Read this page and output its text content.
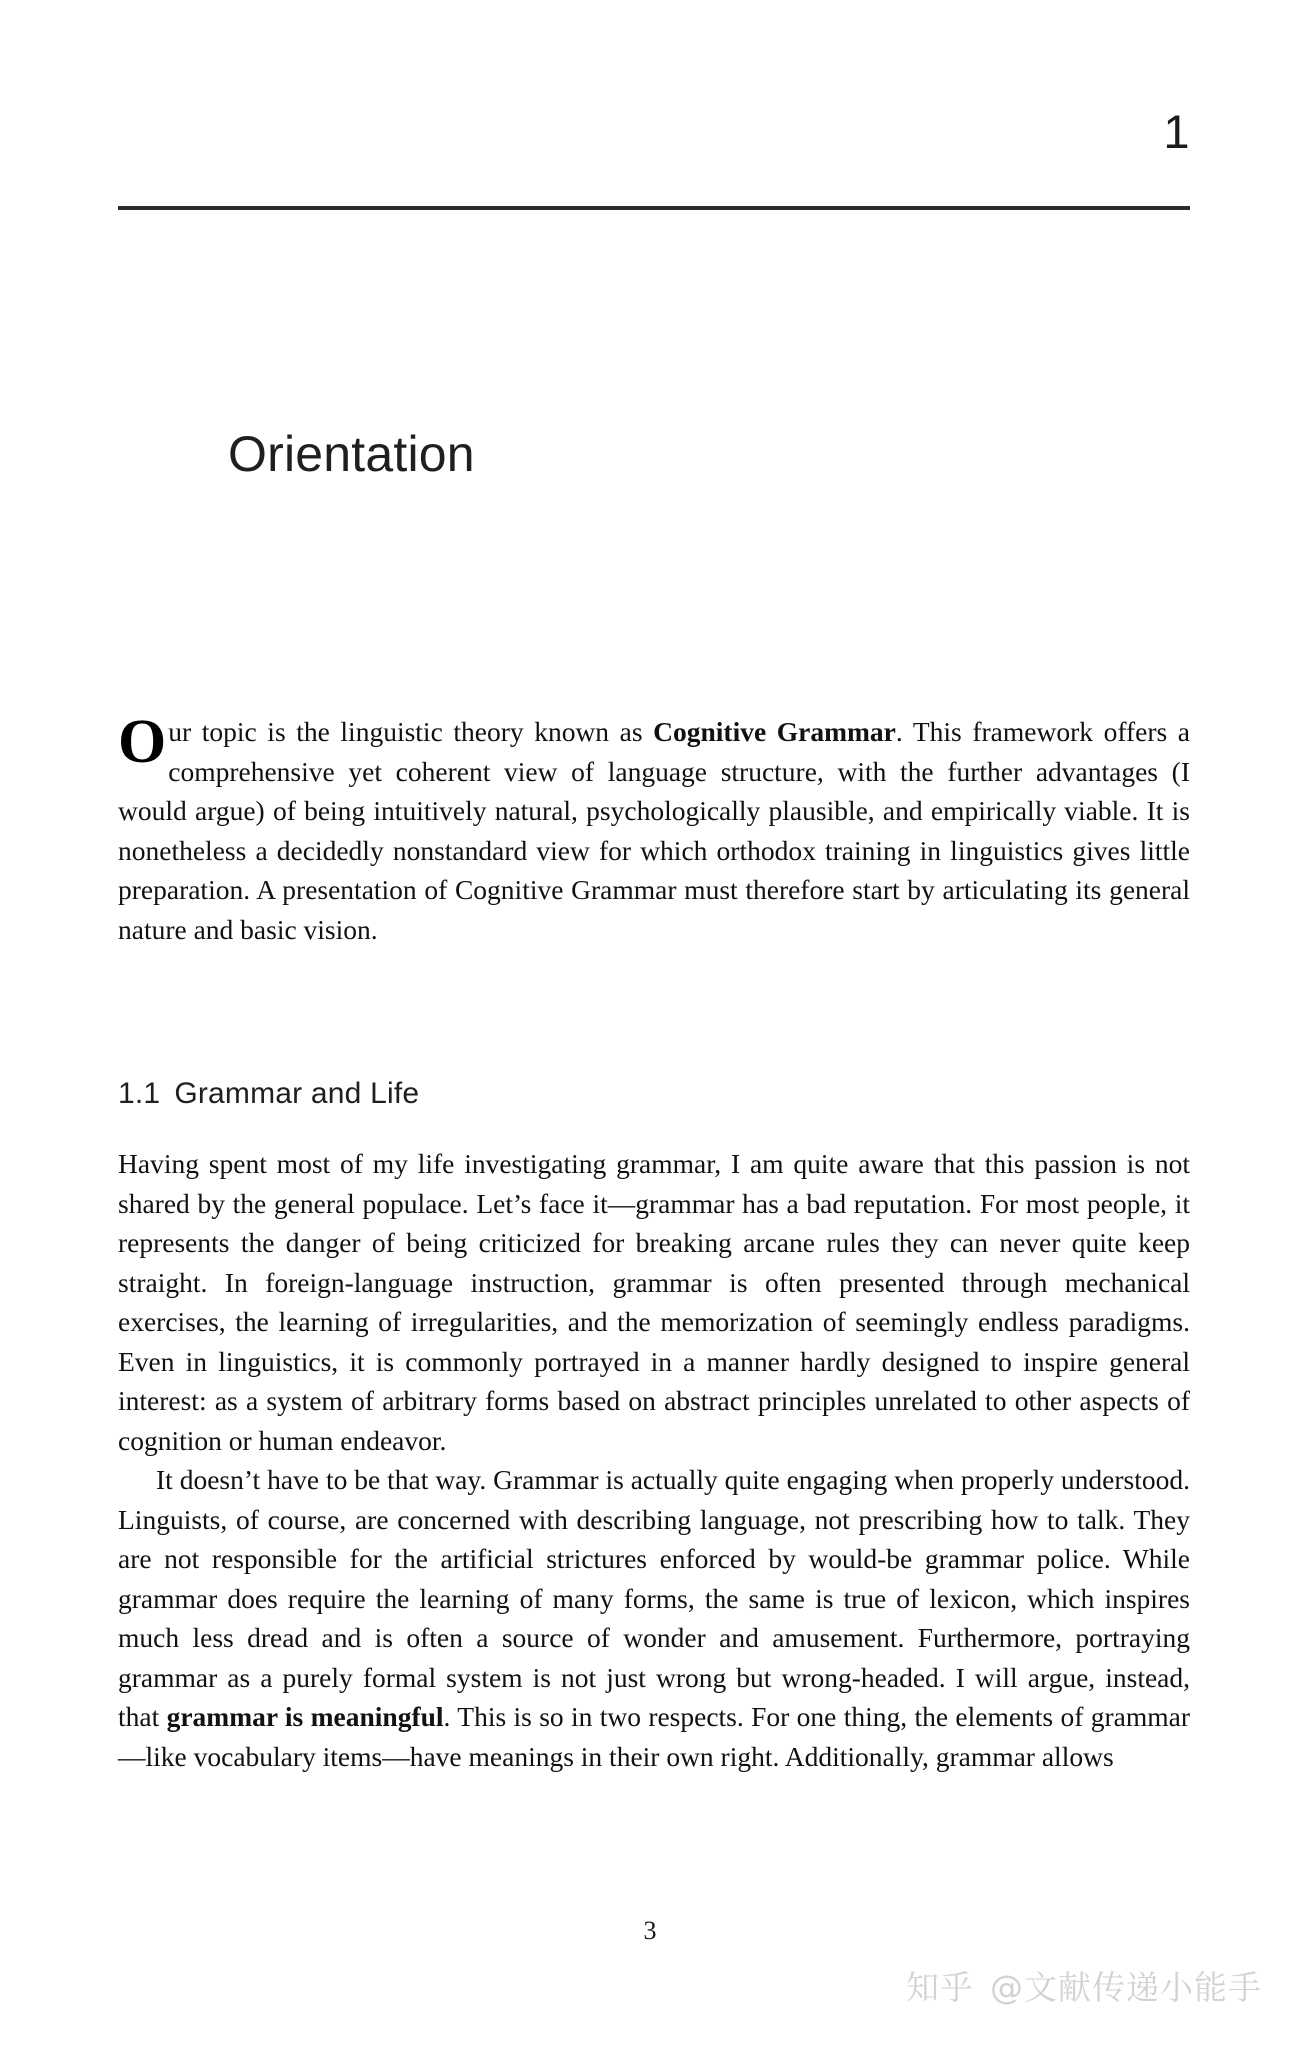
1
Orientation
Our topic is the linguistic theory known as Cognitive Grammar. This framework offers a comprehensive yet coherent view of language structure, with the further advantages (I would argue) of being intuitively natural, psychologically plausible, and empirically viable. It is nonetheless a decidedly nonstandard view for which orthodox training in linguistics gives little preparation. A presentation of Cognitive Grammar must therefore start by articulating its general nature and basic vision.
1.1 Grammar and Life

Having spent most of my life investigating grammar, I am quite aware that this passion is not shared by the general populace. Let’s face it—grammar has a bad reputation. For most people, it represents the danger of being criticized for breaking arcane rules they can never quite keep straight. In foreign-language instruction, grammar is often presented through mechanical exercises, the learning of irregularities, and the memorization of seemingly endless paradigms. Even in linguistics, it is commonly portrayed in a manner hardly designed to inspire general interest: as a system of arbitrary forms based on abstract principles unrelated to other aspects of cognition or human endeavor.

It doesn’t have to be that way. Grammar is actually quite engaging when properly understood. Linguists, of course, are concerned with describing language, not prescribing how to talk. They are not responsible for the artificial strictures enforced by would-be grammar police. While grammar does require the learning of many forms, the same is true of lexicon, which inspires much less dread and is often a source of wonder and amusement. Furthermore, portraying grammar as a purely formal system is not just wrong but wrong-headed. I will argue, instead, that grammar is meaningful. This is so in two respects. For one thing, the elements of grammar—like vocabulary items—have meanings in their own right. Additionally, grammar allows

3
知乎 @文献传递小能手
